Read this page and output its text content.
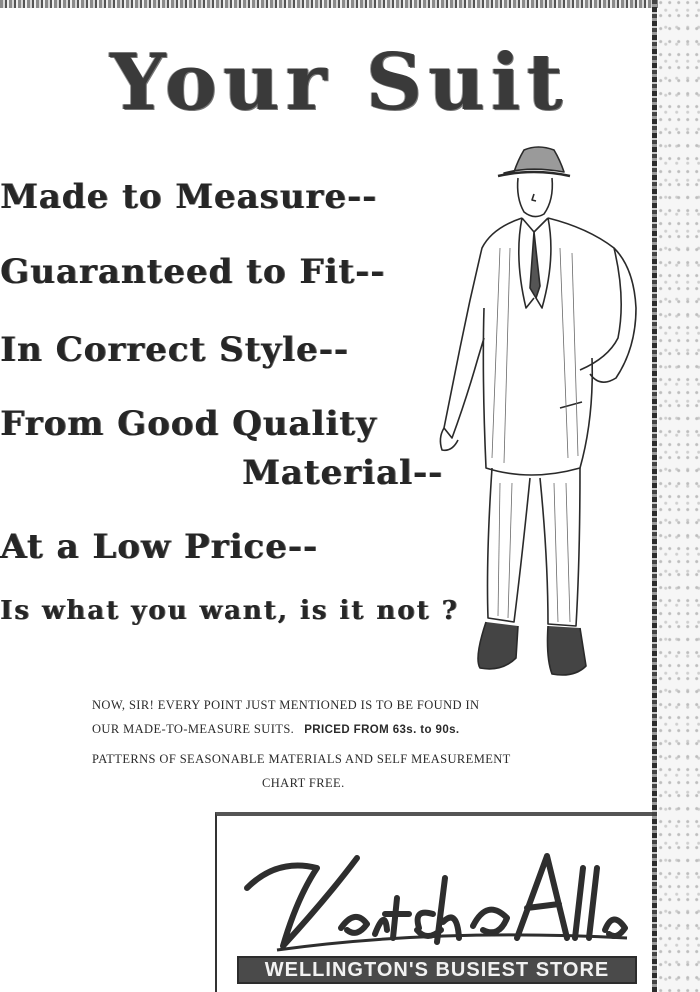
Your Suit
Made to Measure--
Guaranteed to Fit--
In Correct Style--
From Good Quality
Material--
At a Low Price--
Is what you want, is it not ?
NOW, SIR! EVERY POINT JUST MENTIONED IS TO BE FOUND IN
OUR MADE-TO-MEASURE SUITS. PRICED FROM 63s. to 90s.
PATTERNS OF SEASONABLE MATERIALS AND SELF MEASUREMENT
CHART FREE.
WELLINGTON'S BUSIEST STORE
